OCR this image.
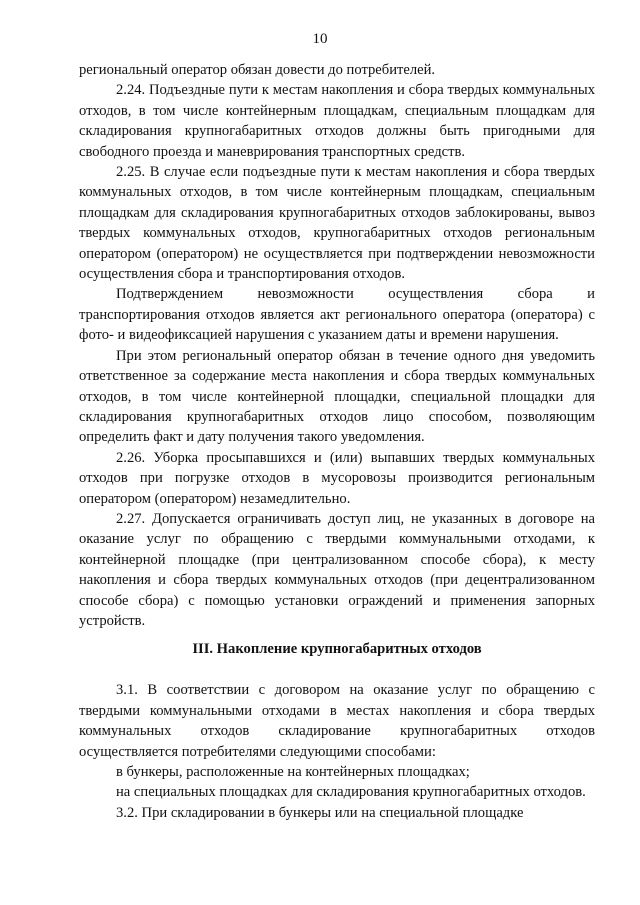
10

региональный оператор обязан довести до потребителей.

2.24. Подъездные пути к местам накопления и сбора твердых коммунальных отходов, в том числе контейнерным площадкам, специальным площадкам для складирования крупногабаритных отходов должны быть пригодными для свободного проезда и маневрирования транспортных средств.

2.25. В случае если подъездные пути к местам накопления и сбора твердых коммунальных отходов, в том числе контейнерным площадкам, специальным площадкам для складирования крупногабаритных отходов заблокированы, вывоз твердых коммунальных отходов, крупногабаритных отходов региональным оператором (оператором) не осуществляется при подтверждении невозможности осуществления сбора и транспортирования отходов.

Подтверждением невозможности осуществления сбора и транспортирования отходов является акт регионального оператора (оператора) с фото- и видеофиксацией нарушения с указанием даты и времени нарушения.

При этом региональный оператор обязан в течение одного дня уведомить ответственное за содержание места накопления и сбора твердых коммунальных отходов, в том числе контейнерной площадки, специальной площадки для складирования крупногабаритных отходов лицо способом, позволяющим определить факт и дату получения такого уведомления.

2.26. Уборка просыпавшихся и (или) выпавших твердых коммунальных отходов при погрузке отходов в мусоровозы производится региональным оператором (оператором) незамедлительно.

2.27. Допускается ограничивать доступ лиц, не указанных в договоре на оказание услуг по обращению с твердыми коммунальными отходами, к контейнерной площадке (при централизованном способе сбора), к месту накопления и сбора твердых коммунальных отходов (при децентрализованном способе сбора) с помощью установки ограждений и применения запорных устройств.

III. Накопление крупногабаритных отходов

3.1. В соответствии с договором на оказание услуг по обращению с твердыми коммунальными отходами в местах накопления и сбора твердых коммунальных отходов складирование крупногабаритных отходов осуществляется потребителями следующими способами:

в бункеры, расположенные на контейнерных площадках;

на специальных площадках для складирования крупногабаритных отходов.

3.2. При складировании в бункеры или на специальной площадке
